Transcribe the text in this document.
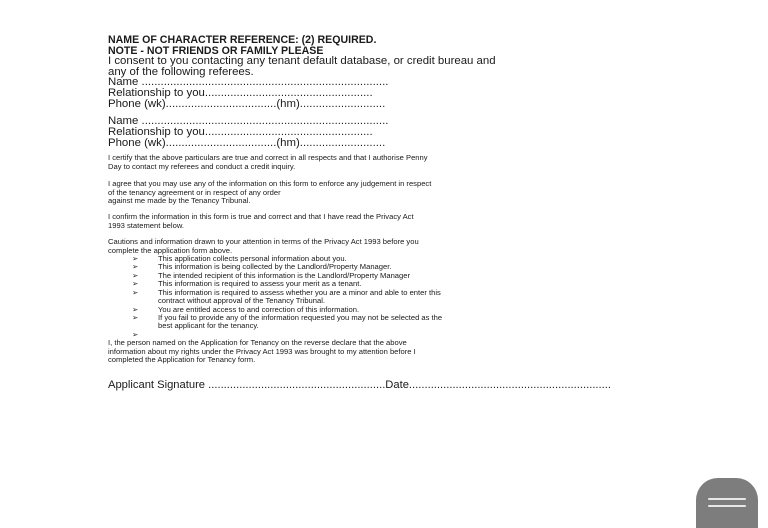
NAME OF CHARACTER REFERENCE: (2) REQUIRED.
NOTE - NOT FRIENDS OR FAMILY PLEASE
I consent to you contacting any tenant default database, or credit bureau and
any of the following referees.
Name ..............................................................................
Relationship to you.....................................................
Phone (wk)...................................(hm)...........................
Name ..............................................................................
Relationship to you.....................................................
Phone (wk)...................................(hm)...........................
I certify that the above particulars are true and correct in all respects and that I authorise Penny
Day to contact my referees and conduct a credit inquiry.
I agree that you may use any of the information on this form to enforce any judgement in respect
of the tenancy agreement or in respect of any order
against me made by the Tenancy Tribunal.
I confirm the information in this form is true and correct and that I have read the Privacy Act
1993 statement below.
Cautions and information drawn to your attention in terms of the Privacy Act 1993 before you
complete the application form above.
➢	This application collects personal information about you.
➢	This information is being collected by the Landlord/Property Manager.
➢	The intended recipient of this information is the Landlord/Property Manager
➢	This information is required to assess your merit as a tenant.
➢	This information is required to assess whether you are a minor and able to enter this
contract without approval of the Tenancy Tribunal.
➢	You are entitled access to and correction of this information.
➢	If you fail to provide any of the information requested you may not be selected as the
best applicant for the tenancy.
➢
I, the person named on the Application for Tenancy on the reverse declare that the above
information about my rights under the Privacy Act 1993 was brought to my attention before I
completed the Application for Tenancy form.
Applicant Signature .........................................................Date.................................................................
